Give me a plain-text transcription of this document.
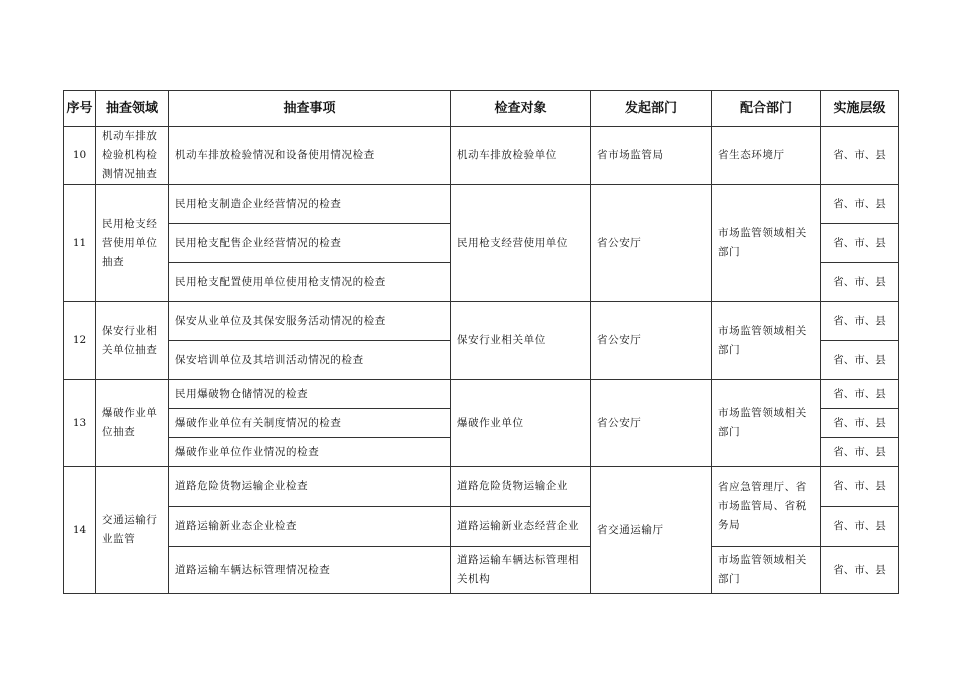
序号	抽查领域	抽查事项	检查对象	发起部门	配合部门	实施层级
10	机动车排放检验机构检测情况抽查	机动车排放检验情况和设备使用情况检查	机动车排放检验单位	省市场监管局	省生态环境厅	省、市、县
11	民用枪支经营使用单位抽查	民用枪支制造企业经营情况的检查	民用枪支经营使用单位	省公安厅	市场监管领域相关部门	省、市、县
		民用枪支配售企业经营情况的检查				省、市、县
		民用枪支配置使用单位使用枪支情况的检查				省、市、县
12	保安行业相关单位抽查	保安从业单位及其保安服务活动情况的检查	保安行业相关单位	省公安厅	市场监管领域相关部门	省、市、县
		保安培训单位及其培训活动情况的检查				省、市、县
13	爆破作业单位抽查	民用爆破物仓储情况的检查	爆破作业单位	省公安厅	市场监管领域相关部门	省、市、县
		爆破作业单位有关制度情况的检查				省、市、县
		爆破作业单位作业情况的检查				省、市、县
14	交通运输行业监管	道路危险货物运输企业检查	道路危险货物运输企业	省交通运输厅	省应急管理厅、省市场监管局、省税务局	省、市、县
		道路运输新业态企业检查	道路运输新业态经营企业			省、市、县
		道路运输车辆达标管理情况检查	道路运输车辆达标管理相关机构		市场监管领域相关部门	省、市、县
